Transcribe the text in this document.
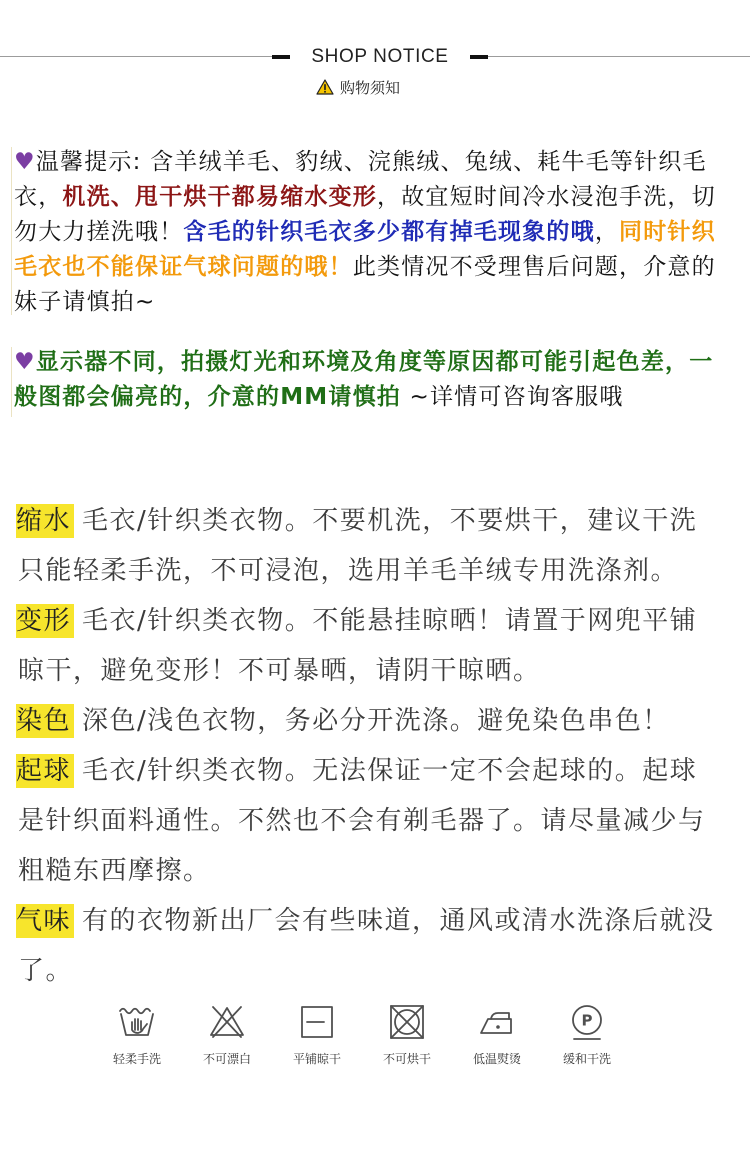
SHOP NOTICE
购物须知
♥温馨提示: 含羊绒羊毛、豹绒、浣熊绒、兔绒、耗牛毛等针织毛
衣，机洗、甩干烘干都易缩水变形，故宜短时间冷水浸泡手洗，切
勿大力搓洗哦！含毛的针织毛衣多少都有掉毛现象的哦，同时针织
毛衣也不能保证气球问题的哦！此类情况不受理售后问题，介意的
妹子请慎拍~
♥显示器不同，拍摄灯光和环境及角度等原因都可能引起色差，一
般图都会偏亮的，介意的MM请慎拍 ~详情可咨询客服哦
缩水 毛衣/针织类衣物。不要机洗，不要烘干，建议干洗
只能轻柔手洗，不可浸泡，选用羊毛羊绒专用洗涤剂。
变形 毛衣/针织类衣物。不能悬挂晾晒！请置于网兜平铺
晾干，避免变形！不可暴晒，请阴干晾晒。
染色 深色/浅色衣物，务必分开洗涤。避免染色串色！
起球 毛衣/针织类衣物。无法保证一定不会起球的。起球
是针织面料通性。不然也不会有剃毛器了。请尽量减少与
粗糙东西摩擦。
气味 有的衣物新出厂会有些味道，通风或清水洗涤后就没
了。
轻柔手洗	不可漂白	平铺晾干	不可烘干	低温熨烫
P
缓和干洗
